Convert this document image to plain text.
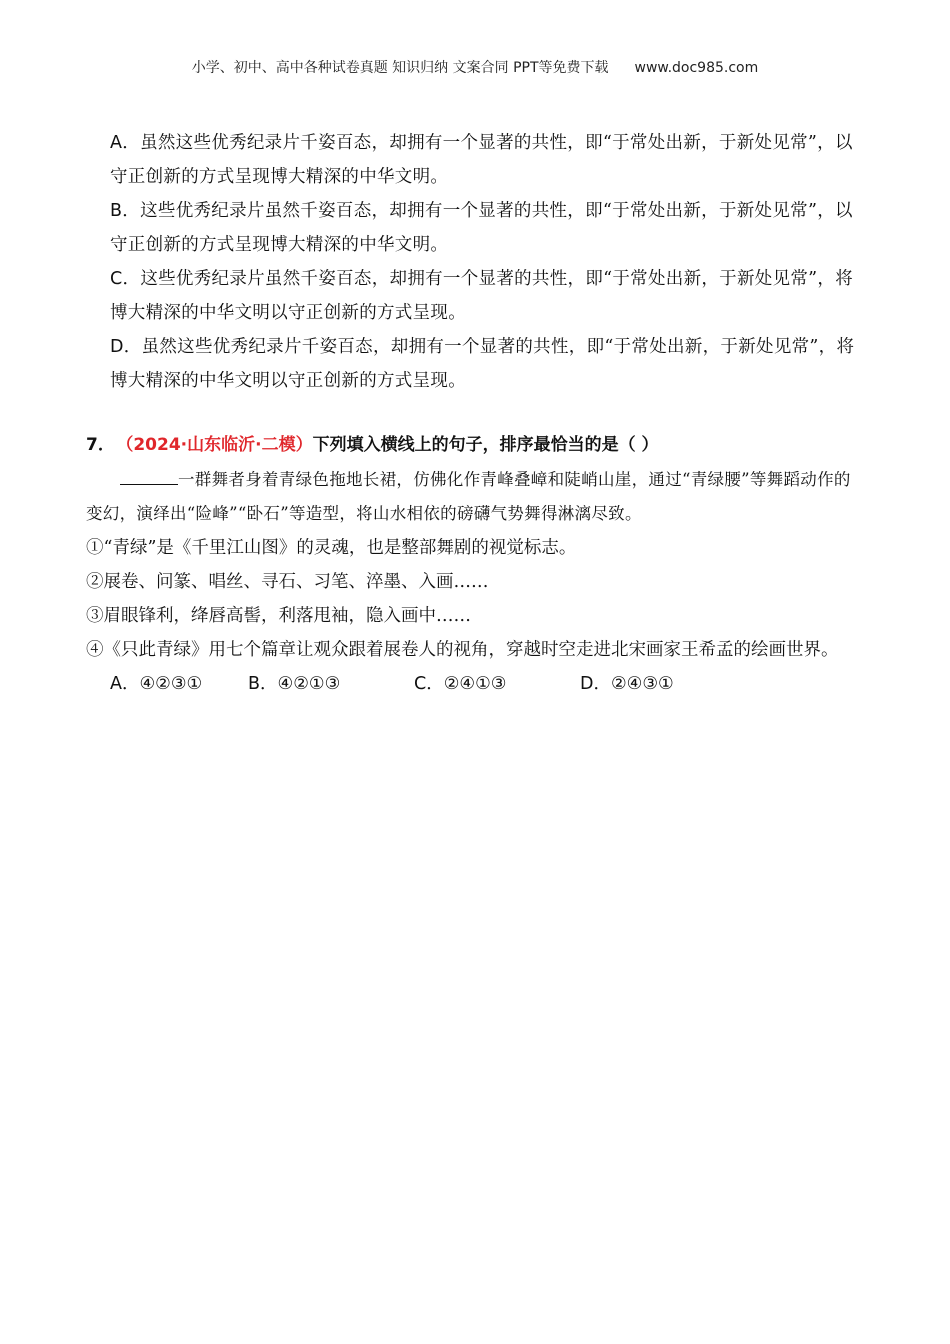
小学、初中、高中各种试卷真题 知识归纳 文案合同 PPT等免费下载 www.doc985.com
A．虽然这些优秀纪录片千姿百态，却拥有一个显著的共性，即“于常处出新，于新处见常”，以守正创新的方式呈现博大精深的中华文明。
B．这些优秀纪录片虽然千姿百态，却拥有一个显著的共性，即“于常处出新，于新处见常”，以守正创新的方式呈现博大精深的中华文明。
C．这些优秀纪录片虽然千姿百态，却拥有一个显著的共性，即“于常处出新，于新处见常”，将博大精深的中华文明以守正创新的方式呈现。
D．虽然这些优秀纪录片千姿百态，却拥有一个显著的共性，即“于常处出新，于新处见常”，将博大精深的中华文明以守正创新的方式呈现。
7． （2024·山东临沂·二模）下列填入横线上的句子，排序最恰当的是（ ）
一群舞者身着青绿色拖地长裙，仿佛化作青峰叠嶂和陡峭山崖，通过“青绿腰”等舞蹈动作的变幻，演绎出“险峰”“卧石”等造型，将山水相依的磅礴气势舞得淋漓尽致。
①“青绿”是《千里江山图》的灵魂，也是整部舞剧的视觉标志。
②展卷、问篆、唱丝、寻石、习笔、淬墨、入画……
③眉眼锋利，绛唇高髻，利落甩袖，隐入画中……
④《只此青绿》用七个篇章让观众跟着展卷人的视角，穿越时空走进北宋画家王希孟的绘画世界。
A．④②③①	B．④②①③	C．②④①③	D．②④③①
